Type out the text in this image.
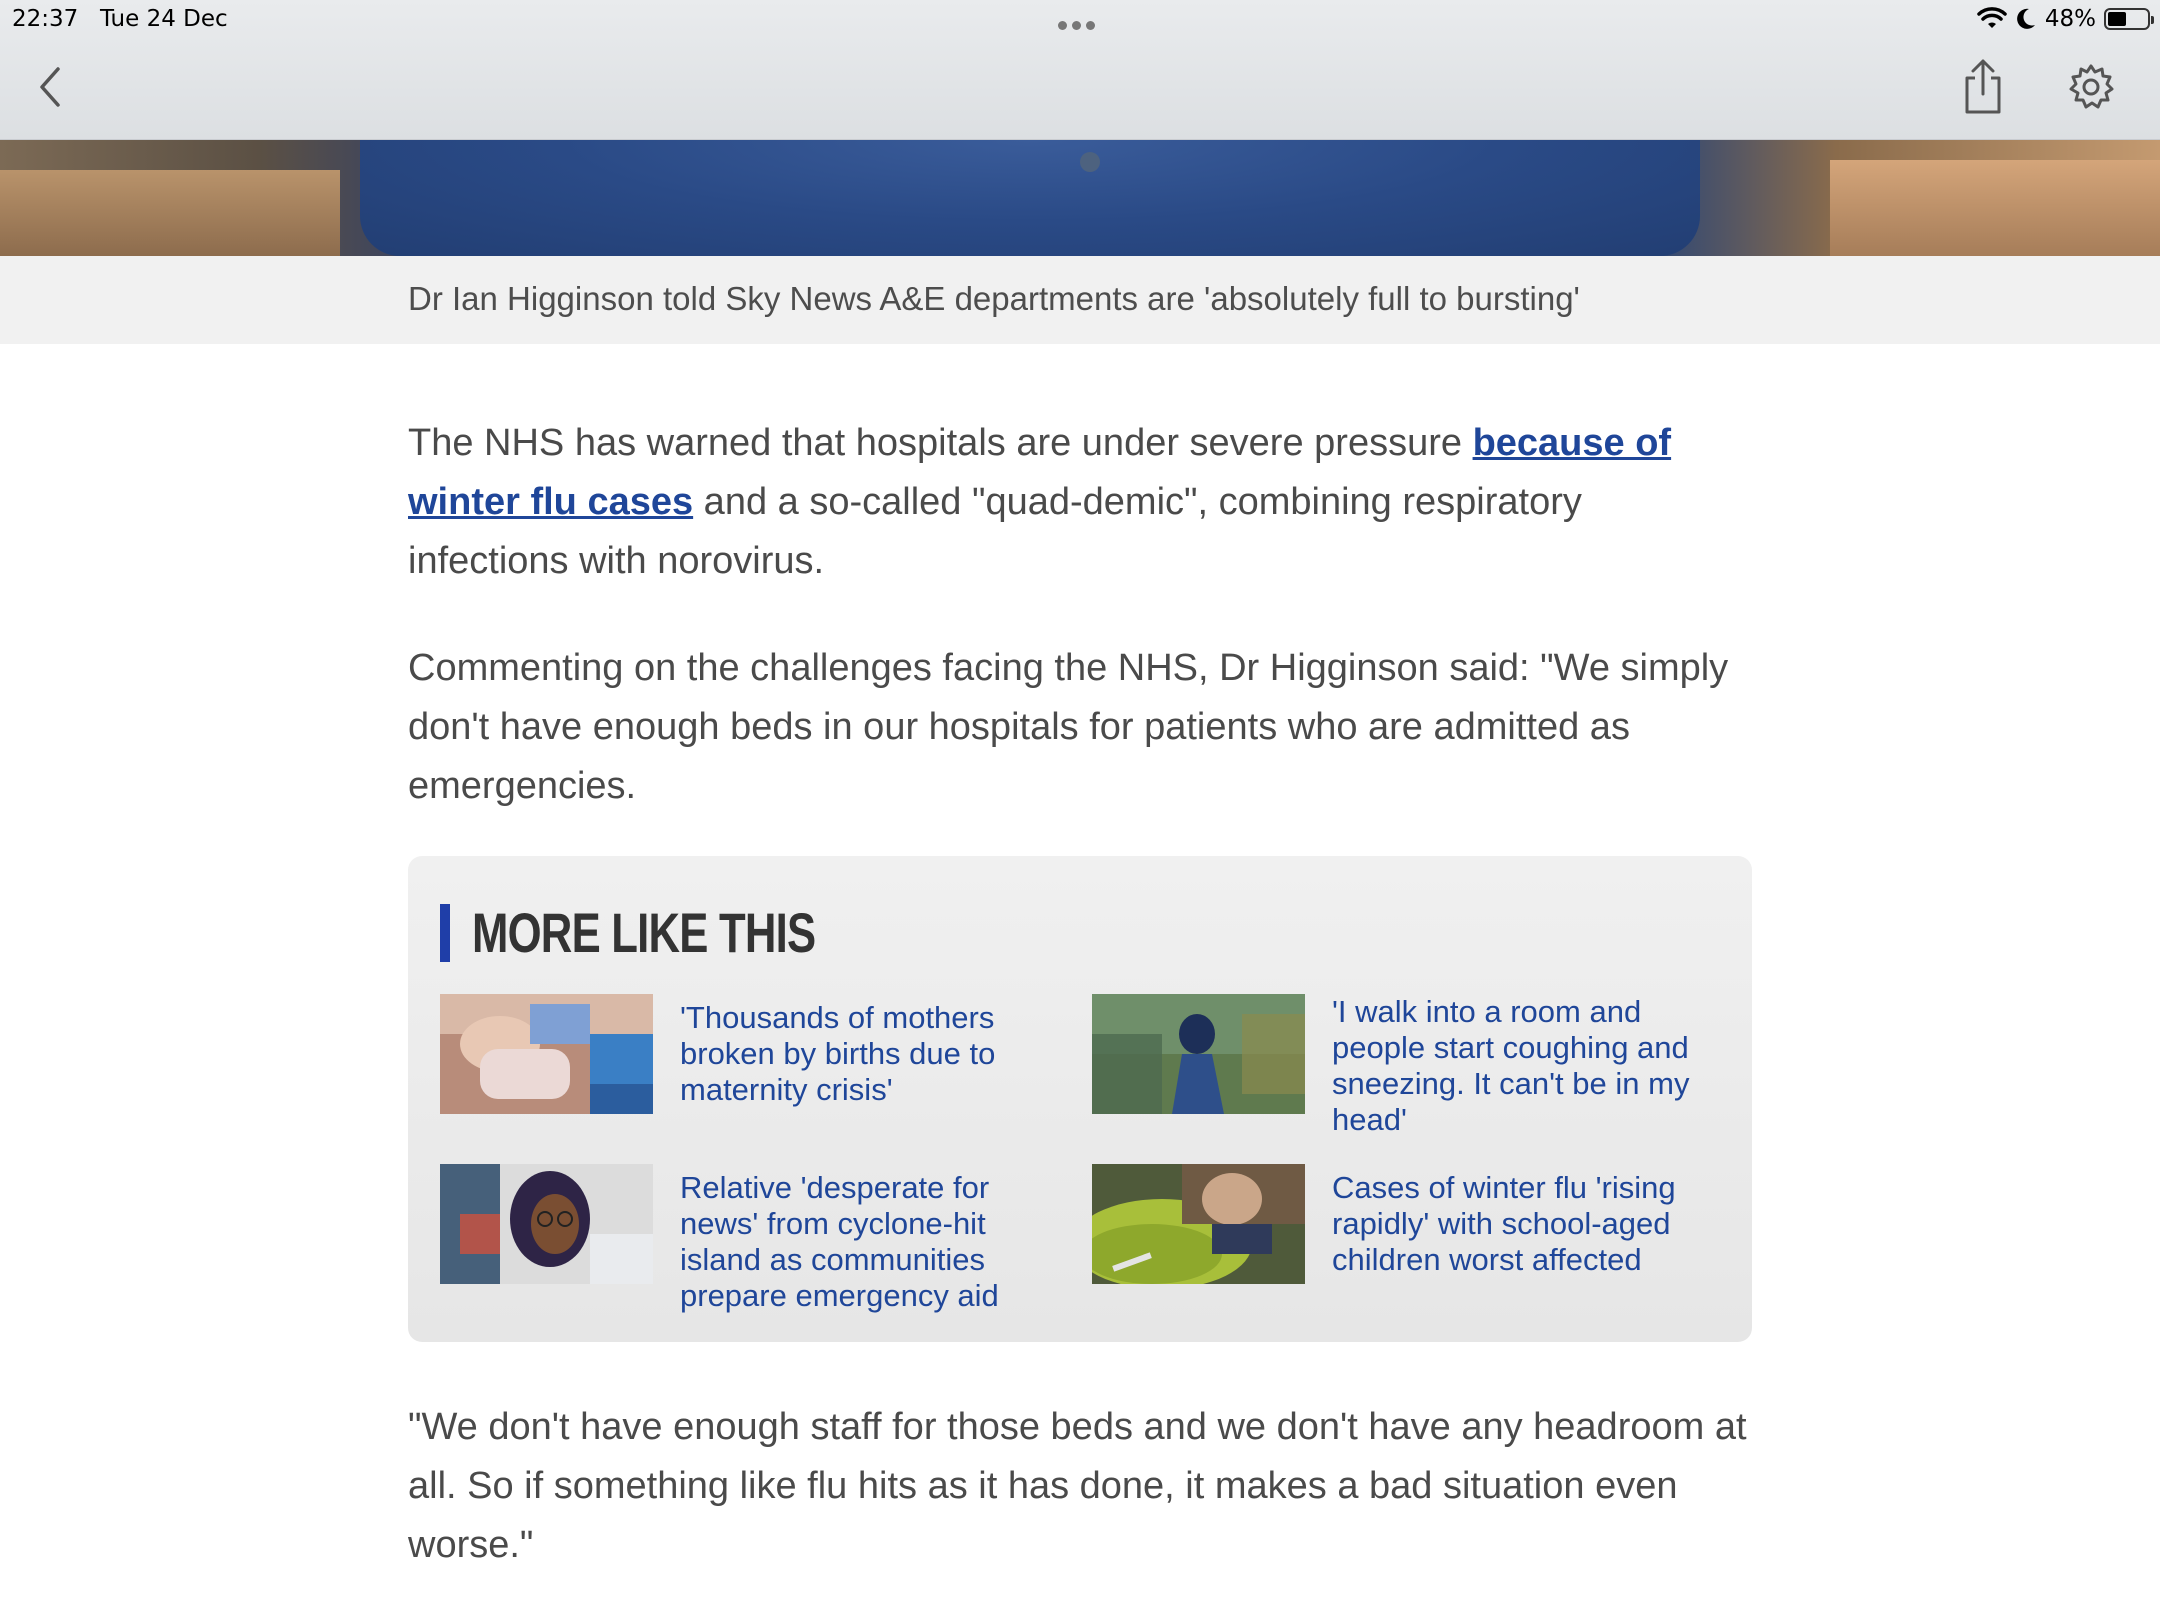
22:37 Tue 24 Dec	48%
Dr Ian Higginson told Sky News A&E departments are 'absolutely full to bursting'

The NHS has warned that hospitals are under severe pressure because of winter flu cases and a so-called "quad-demic", combining respiratory infections with norovirus.

Commenting on the challenges facing the NHS, Dr Higginson said: "We simply don't have enough beds in our hospitals for patients who are admitted as emergencies.

MORE LIKE THIS
'Thousands of mothers broken by births due to maternity crisis'
'I walk into a room and people start coughing and sneezing. It can't be in my head'
Relative 'desperate for news' from cyclone-hit island as communities prepare emergency aid
Cases of winter flu 'rising rapidly' with school-aged children worst affected

"We don't have enough staff for those beds and we don't have any headroom at all. So if something like flu hits as it has done, it makes a bad situation even worse."
